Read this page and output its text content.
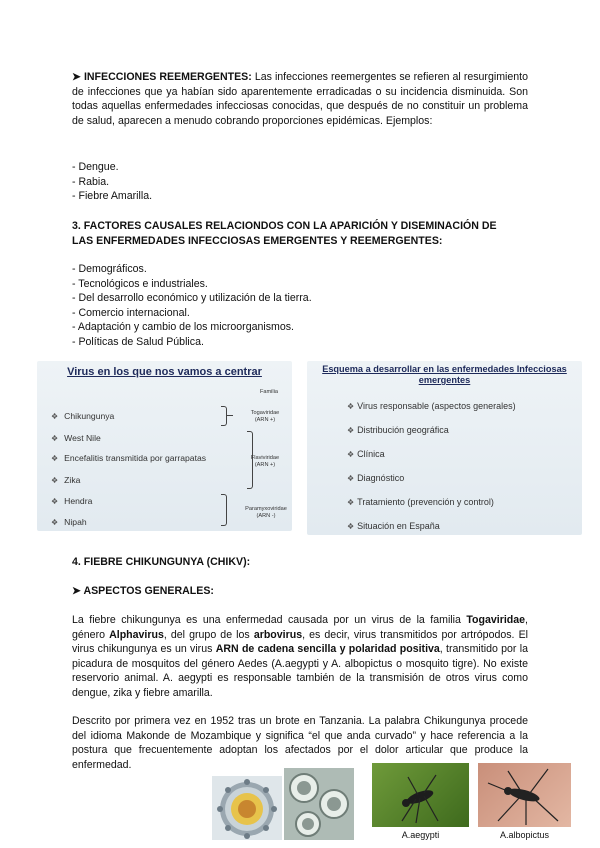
➤ INFECCIONES REEMERGENTES: Las infecciones reemergentes se refieren al resurgimiento de infecciones que ya habían sido aparentemente erradicadas o su incidencia disminuida. Son todas aquellas enfermedades infecciosas conocidas, que después de no constituir un problema de salud, aparecen a menudo cobrando proporciones epidémicas. Ejemplos:
- Dengue.
- Rabia.
- Fiebre Amarilla.
3. FACTORES CAUSALES RELACIONDOS CON LA APARICIÓN Y DISEMINACIÓN DE
LAS ENFERMEDADES INFECCIOSAS EMERGENTES Y REEMERGENTES:
- Demográficos.
- Tecnológicos e industriales.
- Del desarrollo económico y utilización de la tierra.
- Comercio internacional.
- Adaptación y cambio de los microorganismos.
- Políticas de Salud Pública.
Virus en los que nos vamos a centrar
Familia
❖ Chikungunya
❖ West Nile
❖ Encefalitis transmitida por garrapatas
❖ Zika
❖ Hendra
❖ Nipah
Togaviridae
(ARN +)
Flaviviridae
(ARN +)
Paramyxoviridae
(ARN -)
Esquema a desarrollar en las enfermedades Infecciosas
emergentes
❖ Virus responsable (aspectos generales)
❖ Distribución geográfica
❖ Clínica
❖ Diagnóstico
❖ Tratamiento (prevención y control)
❖ Situación en España
4. FIEBRE CHIKUNGUNYA (CHIKV):
➤ ASPECTOS GENERALES:
La fiebre chikungunya es una enfermedad causada por un virus de la familia Togaviridae, género Alphavirus, del grupo de los arbovirus, es decir, virus transmitidos por artrópodos. El virus chikungunya es un virus ARN de cadena sencilla y polaridad positiva, transmitido por la picadura de mosquitos del género Aedes (A.aegypti y A. albopictus o mosquito tigre). No existe reservorio animal. A. aegypti es responsable también de la transmisión de otros virus como dengue, zika y fiebre amarilla.
Descrito por primera vez en 1952 tras un brote en Tanzania. La palabra Chikungunya procede del idioma Makonde de Mozambique y significa “el que anda curvado” y hace referencia a la postura que frecuentemente adoptan los afectados por el dolor articular que produce la enfermedad.
A.aegypti	A.albopictus
